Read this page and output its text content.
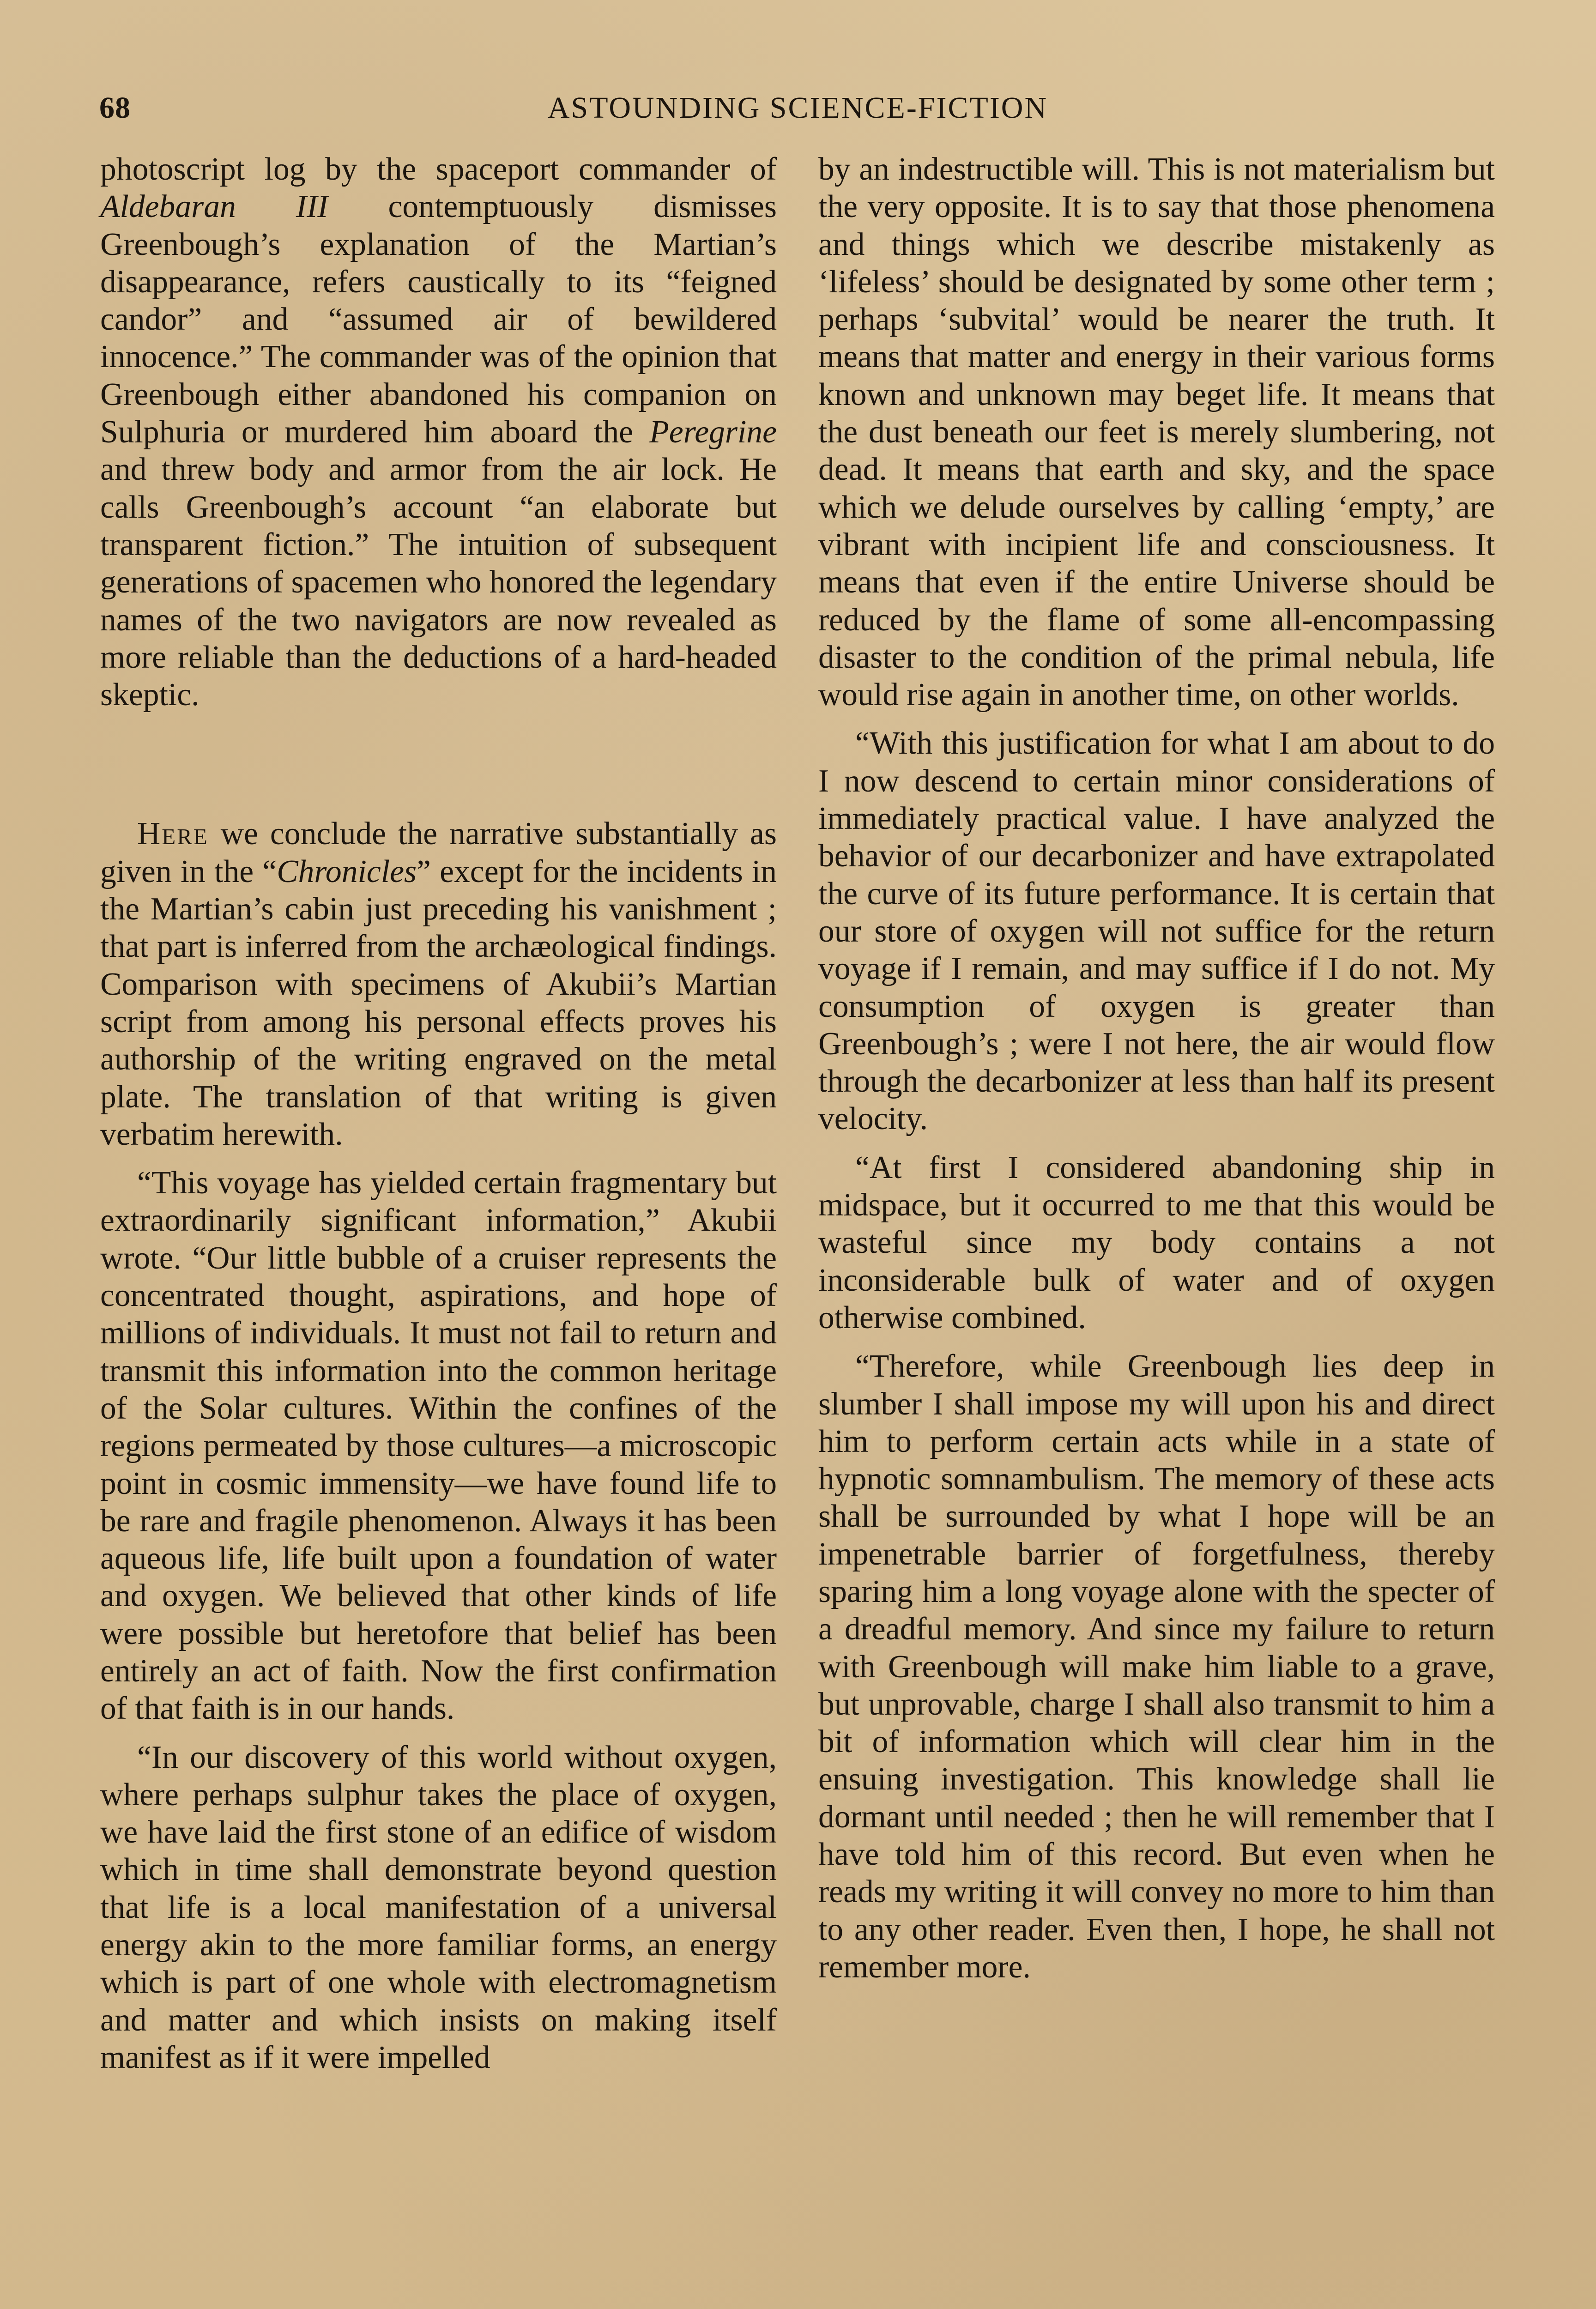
68	ASTOUNDING SCIENCE-FICTION

photoscript log by the spaceport commander of Aldebaran III contemptuously dismisses Greenbough’s explanation of the Martian’s disappearance, refers caustically to its “feigned candor” and “assumed air of bewildered innocence.” The commander was of the opinion that Greenbough either abandoned his companion on Sulphuria or murdered him aboard the Peregrine and threw body and armor from the air lock. He calls Greenbough’s account “an elaborate but transparent fiction.” The intuition of subsequent generations of spacemen who honored the legendary names of the two navigators are now revealed as more reliable than the deductions of a hard-headed skeptic.

Here we conclude the narrative substantially as given in the “Chronicles” except for the incidents in the Martian’s cabin just preceding his vanishment ; that part is inferred from the archæological findings. Comparison with specimens of Akubii’s Martian script from among his personal effects proves his authorship of the writing engraved on the metal plate. The translation of that writing is given verbatim herewith.

“This voyage has yielded certain fragmentary but extraordinarily significant information,” Akubii wrote. “Our little bubble of a cruiser represents the concentrated thought, aspirations, and hope of millions of individuals. It must not fail to return and transmit this information into the common heritage of the Solar cultures. Within the confines of the regions permeated by those cultures—a microscopic point in cosmic immensity—we have found life to be rare and fragile phenomenon. Always it has been aqueous life, life built upon a foundation of water and oxygen. We believed that other kinds of life were possible but heretofore that belief has been entirely an act of faith. Now the first confirmation of that faith is in our hands.

“In our discovery of this world without oxygen, where perhaps sulphur takes the place of oxygen, we have laid the first stone of an edifice of wisdom which in time shall demonstrate beyond question that life is a local manifestation of a universal energy akin to the more familiar forms, an energy which is part of one whole with electromagnetism and matter and which insists on making itself manifest as if it were impelled

by an indestructible will. This is not materialism but the very opposite. It is to say that those phenomena and things which we describe mistakenly as ‘lifeless’ should be designated by some other term ; perhaps ‘subvital’ would be nearer the truth. It means that matter and energy in their various forms known and unknown may beget life. It means that the dust beneath our feet is merely slumbering, not dead. It means that earth and sky, and the space which we delude ourselves by calling ‘empty,’ are vibrant with incipient life and consciousness. It means that even if the entire Universe should be reduced by the flame of some all-encompassing disaster to the condition of the primal nebula, life would rise again in another time, on other worlds.

“With this justification for what I am about to do I now descend to certain minor considerations of immediately practical value. I have analyzed the behavior of our decarbonizer and have extrapolated the curve of its future performance. It is certain that our store of oxygen will not suffice for the return voyage if I remain, and may suffice if I do not. My consumption of oxygen is greater than Greenbough’s ; were I not here, the air would flow through the decarbonizer at less than half its present velocity.

“At first I considered abandoning ship in midspace, but it occurred to me that this would be wasteful since my body contains a not inconsiderable bulk of water and of oxygen otherwise combined.

“Therefore, while Greenbough lies deep in slumber I shall impose my will upon his and direct him to perform certain acts while in a state of hypnotic somnambulism. The memory of these acts shall be surrounded by what I hope will be an impenetrable barrier of forgetfulness, thereby sparing him a long voyage alone with the specter of a dreadful memory. And since my failure to return with Greenbough will make him liable to a grave, but unprovable, charge I shall also transmit to him a bit of information which will clear him in the ensuing investigation. This knowledge shall lie dormant until needed ; then he will remember that I have told him of this record. But even when he reads my writing it will convey no more to him than to any other reader. Even then, I hope, he shall not remember more.
